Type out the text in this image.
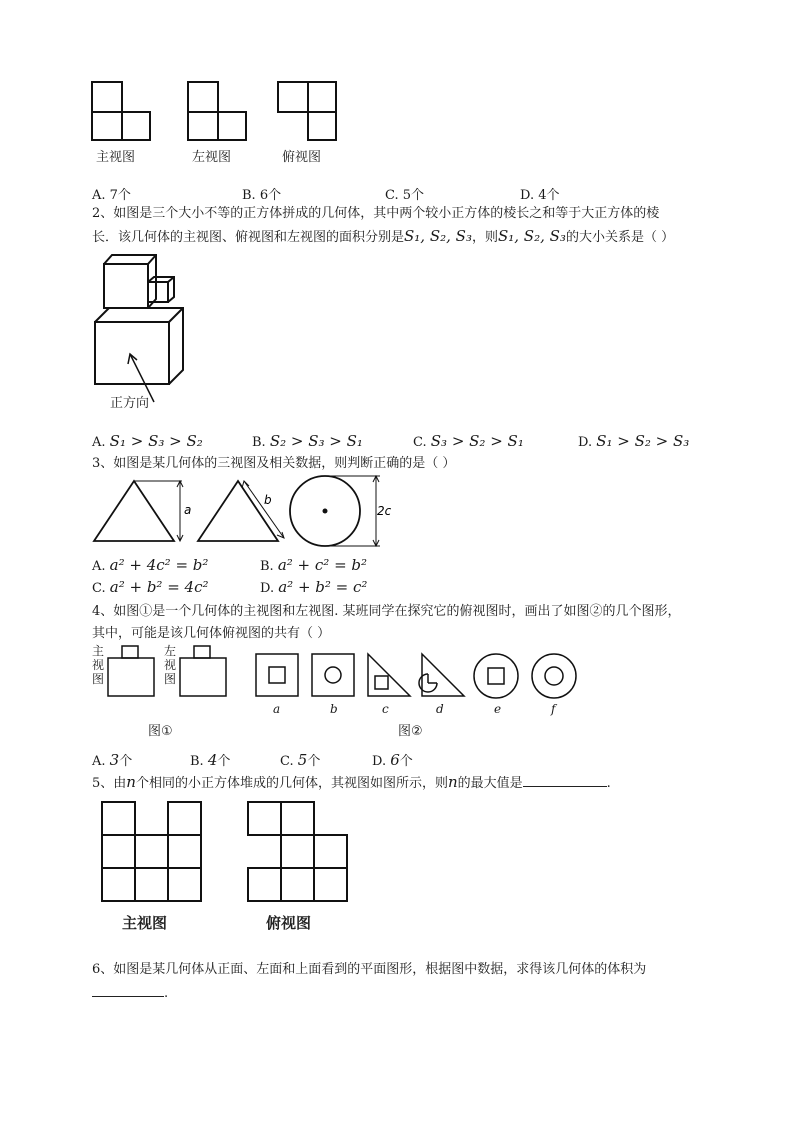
主视图	左视图	俯视图
A. 7个	B. 6个	C. 5个	D. 4个
2、如图是三个大小不等的正方体拼成的几何体，其中两个较小正方体的棱长之和等于大正方体的棱
长．该几何体的主视图、俯视图和左视图的面积分别是S₁, S₂, S₃，则S₁, S₂, S₃的大小关系是（ ）
正方向
A. S₁ > S₃ > S₂	B. S₂ > S₃ > S₁	C. S₃ > S₂ > S₁	D. S₁ > S₂ > S₃
3、如图是某几何体的三视图及相关数据，则判断正确的是（ ）
a
b
2c
A. a² + 4c² = b²	B. a² + c² = b²
C. a² + b² = 4c²	D. a² + b² = c²
4、如图①是一个几何体的主视图和左视图. 某班同学在探究它的俯视图时，画出了如图②的几个图形，
其中，可能是该几何体俯视图的共有（ ）
主视图
左视图
图①
a	b	c	d	e	f
图②
A. 3个	B. 4个	C. 5个	D. 6个
5、由n个相同的小正方体堆成的几何体，其视图如图所示，则n的最大值是	.
主视图	俯视图
6、如图是某几何体从正面、左面和上面看到的平面图形，根据图中数据，求得该几何体的体积为
.
